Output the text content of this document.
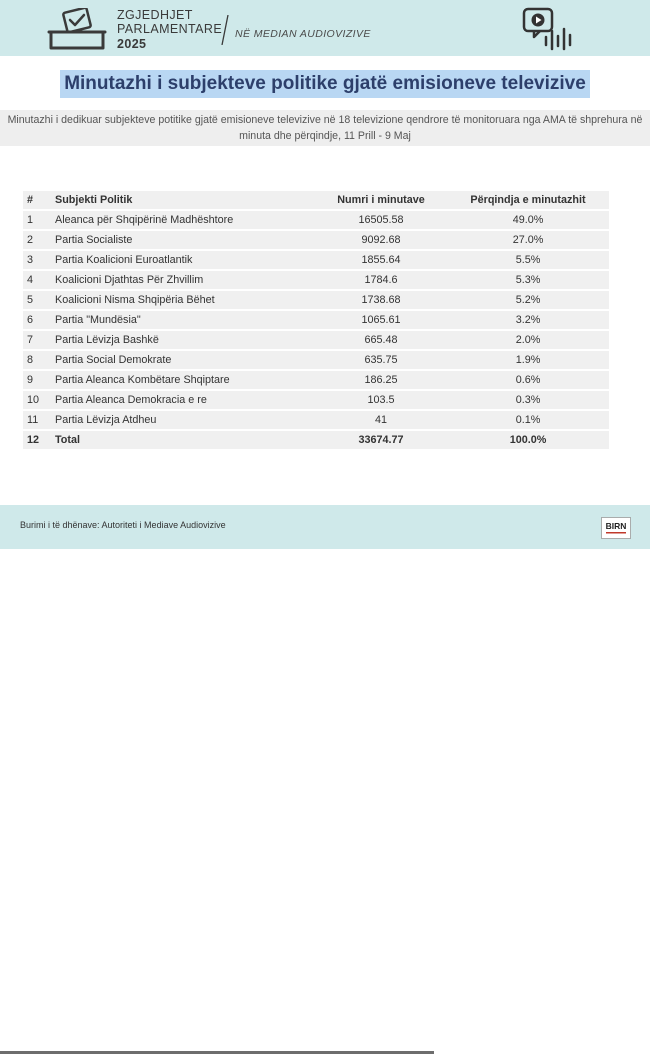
ZGJEDHJET
PARLAMENTARE
2025
NË MEDIAN AUDIOVIZIVE
Minutazhi i subjekteve politike gjatë emisioneve televizive
Minutazhi i dedikuar subjekteve potitike gjatë emisioneve televizive në 18 televizione qendrore të monitoruara nga AMA të shprehura në minuta dhe përqindje, 11 Prill - 9 Maj
#	Subjekti Politik	Numri i minutave	Përqindja e minutazhit
1	Aleanca për Shqipërinë Madhështore	16505.58	49.0%
2	Partia Socialiste	9092.68	27.0%
3	Partia Koalicioni Euroatlantik	1855.64	5.5%
4	Koalicioni Djathtas Për Zhvillim	1784.6	5.3%
5	Koalicioni Nisma Shqipëria Bëhet	1738.68	5.2%
6	Partia "Mundësia"	1065.61	3.2%
7	Partia Lëvizja Bashkë	665.48	2.0%
8	Partia Social Demokrate	635.75	1.9%
9	Partia Aleanca Kombëtare Shqiptare	186.25	0.6%
10	Partia Aleanca Demokracia e re	103.5	0.3%
11	Partia Lëvizja Atdheu	41	0.1%
12	Total	33674.77	100.0%
Burimi i të dhënave: Autoriteti i Mediave Audiovizive	BIRN
